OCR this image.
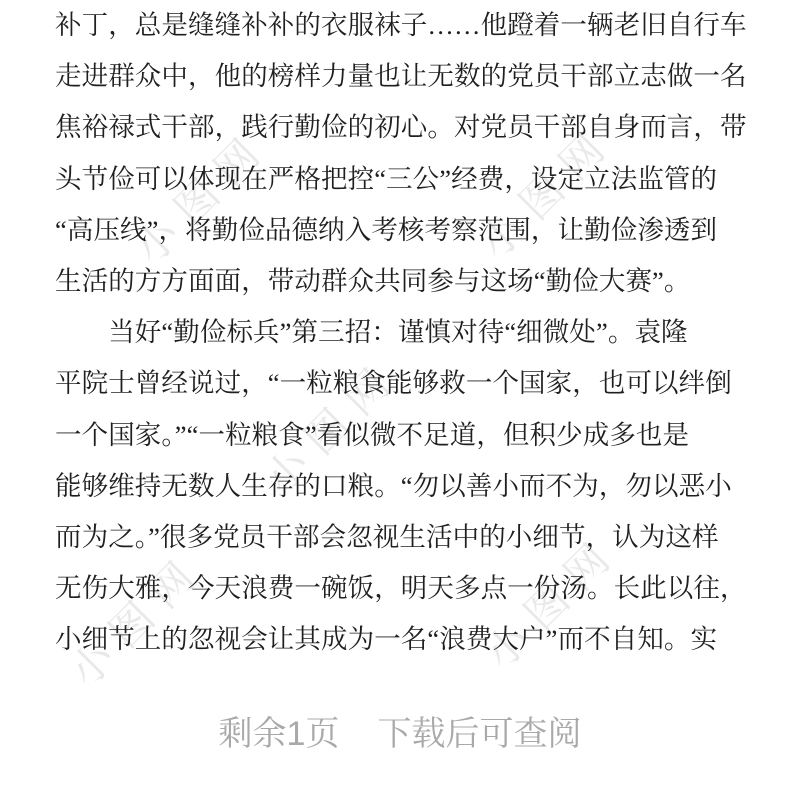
小图网	小图网
小图网
小图网	小图网
补丁，总是缝缝补补的衣服袜子……他蹬着一辆老旧自行车
走进群众中，他的榜样力量也让无数的党员干部立志做一名
焦裕禄式干部，践行勤俭的初心。对党员干部自身而言，带
头节俭可以体现在严格把控“三公”经费，设定立法监管的
“高压线”，将勤俭品德纳入考核考察范围，让勤俭渗透到
生活的方方面面，带动群众共同参与这场“勤俭大赛”。
　　当好“勤俭标兵”第三招：谨慎对待“细微处”。袁隆
平院士曾经说过，“一粒粮食能够救一个国家，也可以绊倒
一个国家。”“一粒粮食”看似微不足道，但积少成多也是
能够维持无数人生存的口粮。“勿以善小而不为，勿以恶小
而为之。”很多党员干部会忽视生活中的小细节，认为这样
无伤大雅，今天浪费一碗饭，明天多点一份汤。长此以往，
小细节上的忽视会让其成为一名“浪费大户”而不自知。实
剩余1页 下载后可查阅
